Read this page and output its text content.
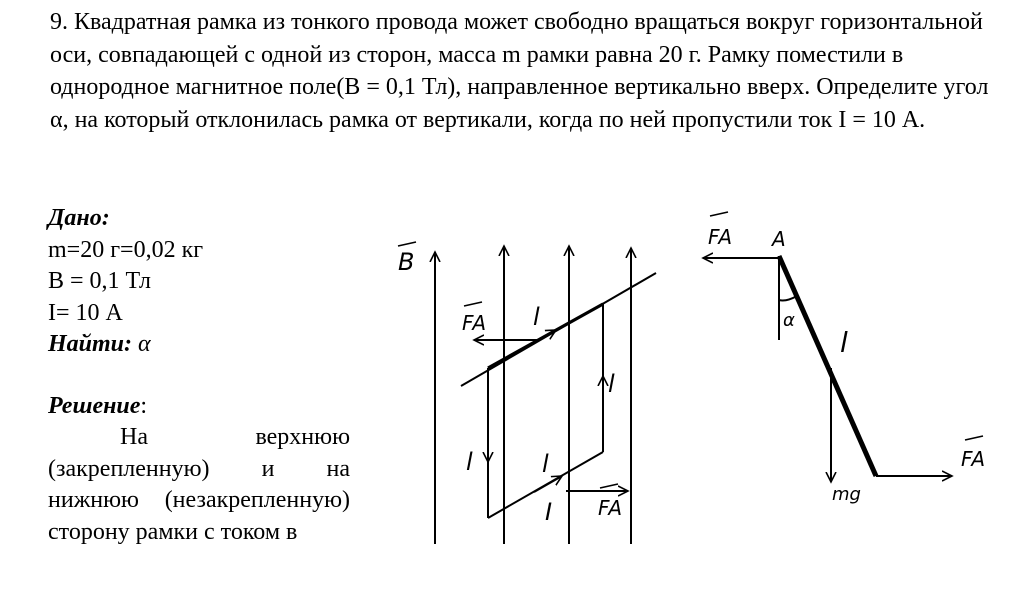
9. Квадратная рамка из тонкого провода может свободно вращаться вокруг горизонтальной оси, совпадающей с одной из сторон, масса m рамки равна 20 г. Рамку поместили в однородное магнитное поле(B = 0,1 Тл), направленное вертикально вверх. Определите угол α, на который отклонилась рамка от вертикали, когда по ней пропустили ток I = 10 А.

Дано:
m=20 г=0,02 кг
B = 0,1 Тл
I= 10 А
Найти: α
Решение:

На верхнюю (закрепленную) и на нижнюю (незакрепленную) сторону рамки с током в

B
FA l
l
l	l
I FA
FA A
α
l
mg
FA
